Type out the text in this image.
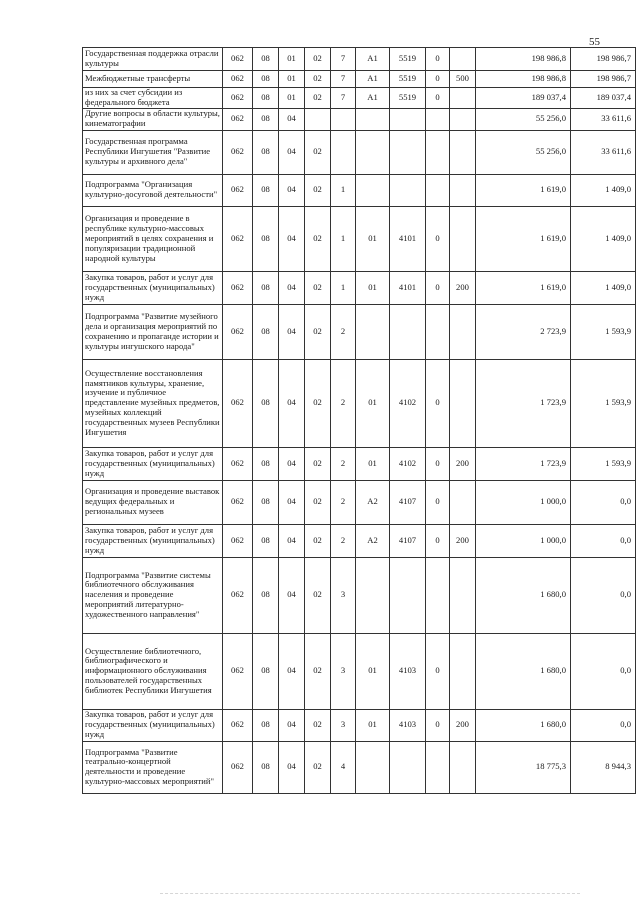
55
Государственная поддержка отрасли культуры	062	08	01	02	7	A1	5519	0		198 986,8	198 986,7
Межбюджетные трансферты	062	08	01	02	7	A1	5519	0	500	198 986,8	198 986,7
из них за счет субсидии из федерального бюджета	062	08	01	02	7	A1	5519	0		189 037,4	189 037,4
Другие вопросы в области культуры, кинематографии	062	08	04							55 256,0	33 611,6
Государственная программа Республики Ингушетия "Развитие культуры и архивного дела"	062	08	04	02						55 256,0	33 611,6
Подпрограмма "Организация культурно-досуговой деятельности"	062	08	04	02	1					1 619,0	1 409,0
Организация и проведение в республике культурно-массовых мероприятий в целях сохранения и популяризации традиционной народной культуры	062	08	04	02	1	01	4101	0		1 619,0	1 409,0
Закупка товаров, работ и услуг для государственных (муниципальных) нужд	062	08	04	02	1	01	4101	0	200	1 619,0	1 409,0
Подпрограмма "Развитие музейного дела и организация мероприятий по сохранению и пропаганде истории и культуры ингушского народа"	062	08	04	02	2					2 723,9	1 593,9
Осуществление восстановления памятников культуры, хранение, изучение и публичное представление музейных предметов, музейных коллекций государственных музеев Республики Ингушетия	062	08	04	02	2	01	4102	0		1 723,9	1 593,9
Закупка товаров, работ и услуг для государственных (муниципальных) нужд	062	08	04	02	2	01	4102	0	200	1 723,9	1 593,9
Организация и проведение выставок ведущих федеральных и региональных музеев	062	08	04	02	2	A2	4107	0		1 000,0	0,0
Закупка товаров, работ и услуг для государственных (муниципальных) нужд	062	08	04	02	2	A2	4107	0	200	1 000,0	0,0
Подпрограмма "Развитие системы библиотечного обслуживания населения и проведение мероприятий литературно-художественного направления"	062	08	04	02	3					1 680,0	0,0
Осуществление библиотечного, библиографического и информационного обслуживания пользователей государственных библиотек Республики Ингушетия	062	08	04	02	3	01	4103	0		1 680,0	0,0
Закупка товаров, работ и услуг для государственных (муниципальных) нужд	062	08	04	02	3	01	4103	0	200	1 680,0	0,0
Подпрограмма "Развитие театрально-концертной деятельности и проведение культурно-массовых мероприятий"	062	08	04	02	4					18 775,3	8 944,3
